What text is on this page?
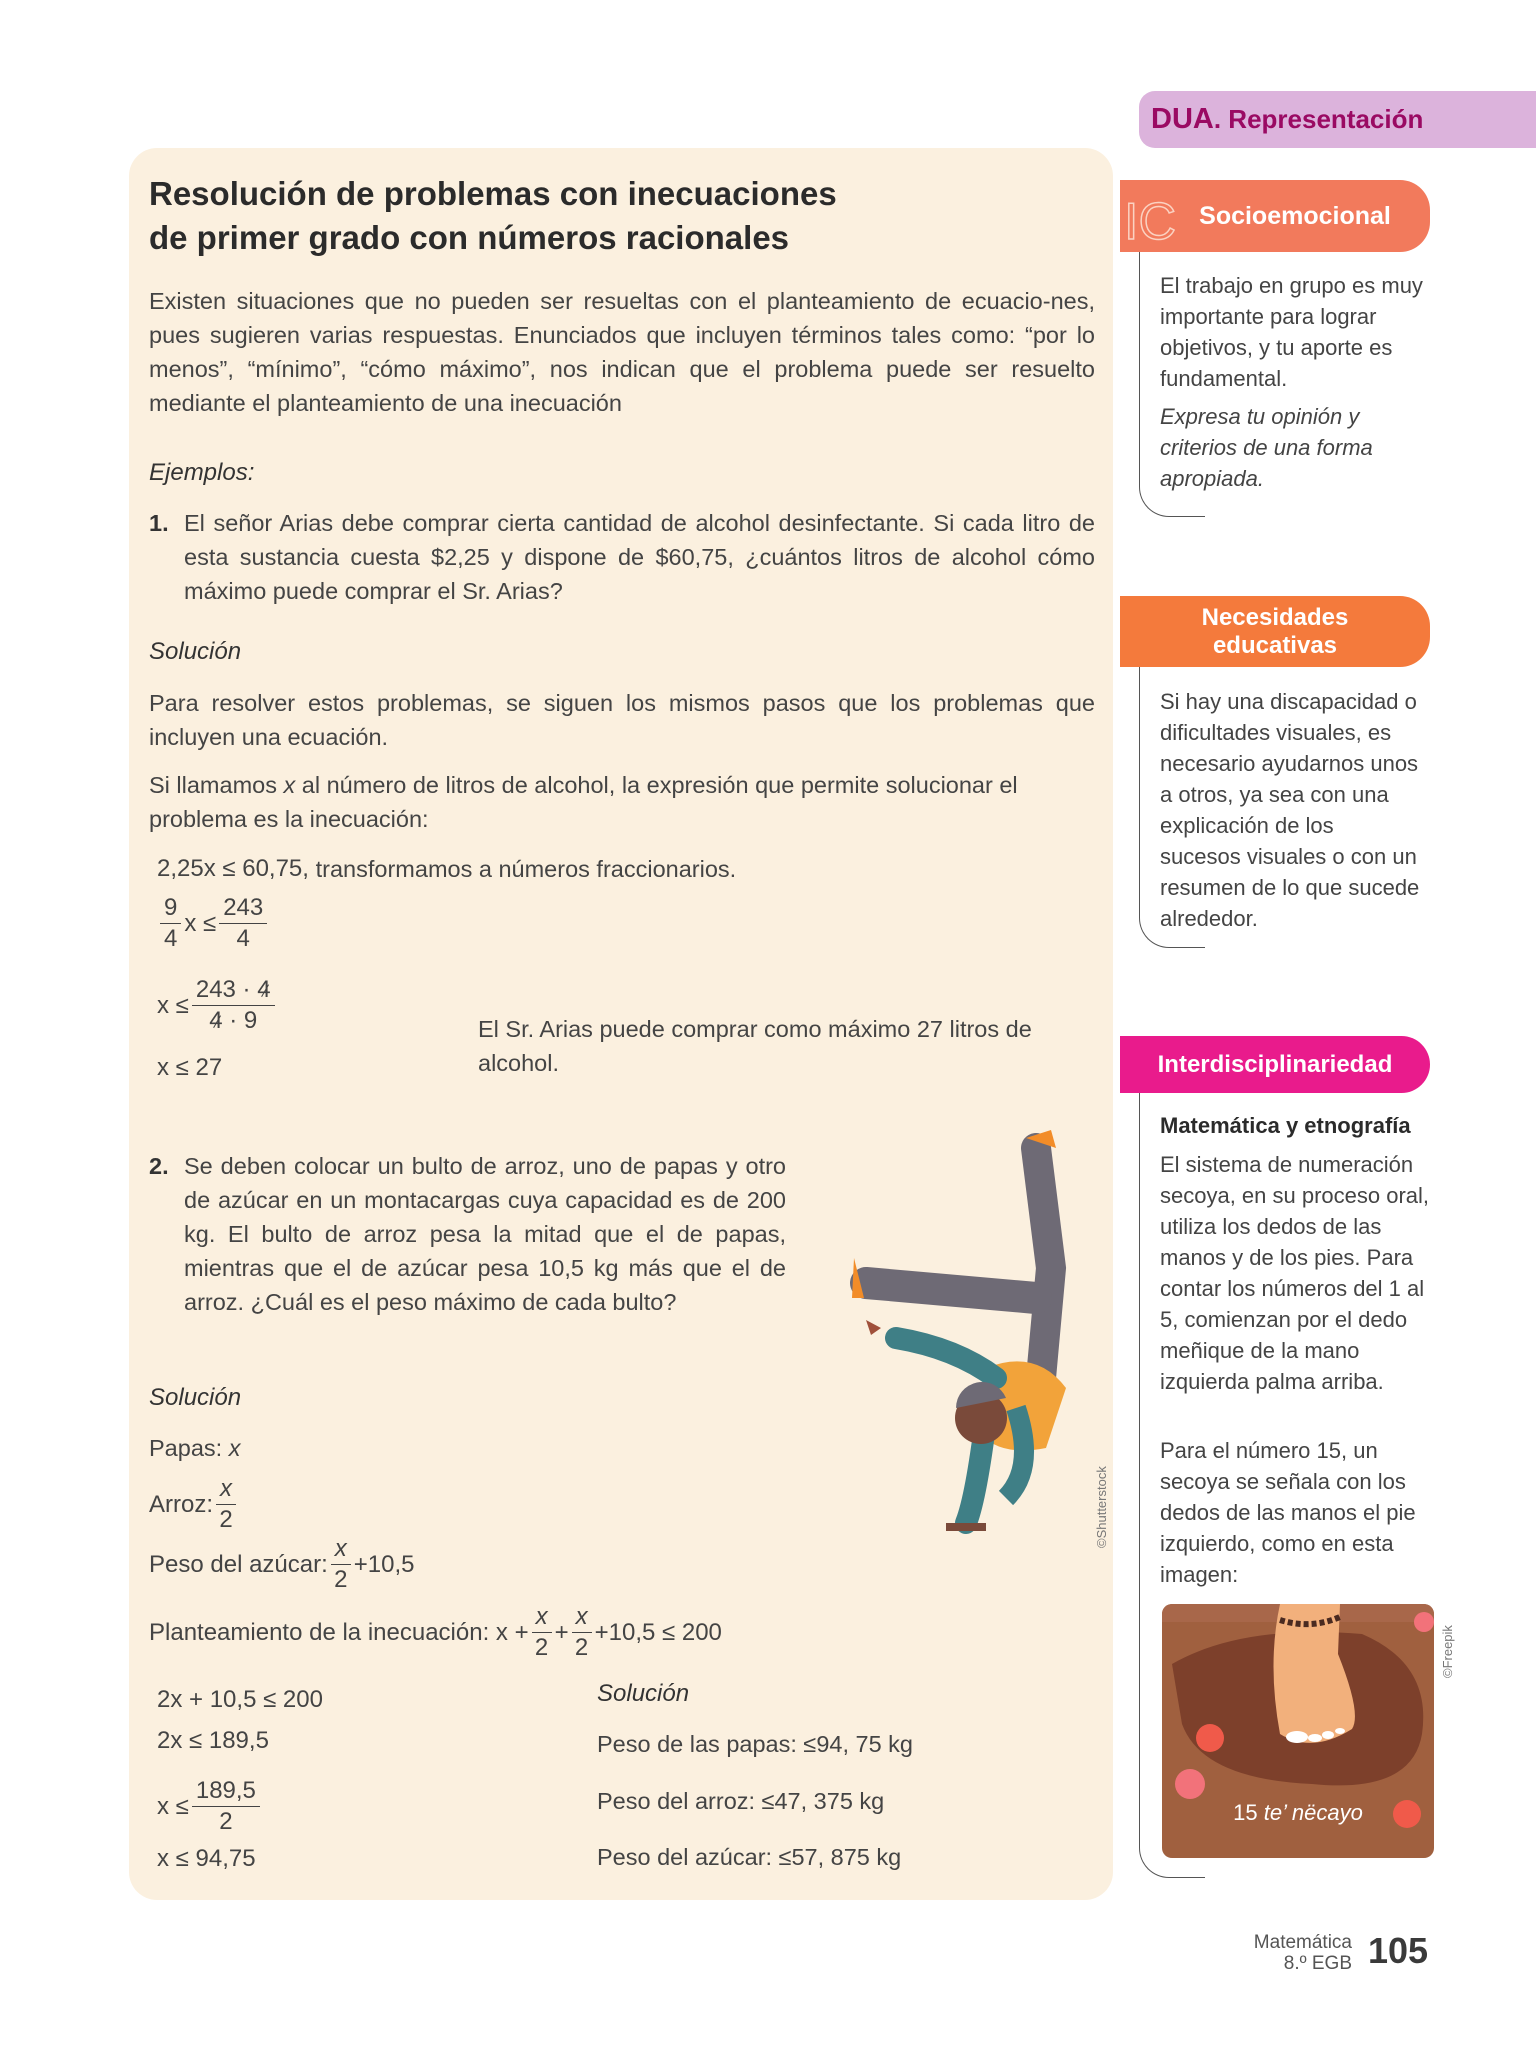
DUA. Representación
Resolución de problemas con inecuaciones
de primer grado con números racionales
Existen situaciones que no pueden ser resueltas con el planteamiento de ecuacio-nes, pues sugieren varias respuestas. Enunciados que incluyen términos tales como: “por lo menos”, “mínimo”, “cómo máximo”, nos indican que el problema puede ser resuelto mediante el planteamiento de una inecuación
Ejemplos:
1. El señor Arias debe comprar cierta cantidad de alcohol desinfectante. Si cada litro de esta sustancia cuesta $2,25 y dispone de $60,75, ¿cuántos litros de alcohol cómo máximo puede comprar el Sr. Arias?
Solución
Para resolver estos problemas, se siguen los mismos pasos que los problemas que incluyen una ecuación.
Si llamamos x al número de litros de alcohol, la expresión que permite solucionar el problema es la inecuación:
2,25x ≤ 60,75,
transformamos a números fraccionarios.
9
4
$x \le \frac{243}{4}$
$x \le \frac{243 \cdot 4}{4 \cdot 9}$
x ≤ 27
El Sr. Arias puede comprar como máximo 27 litros de alcohol.
2. Se deben colocar un bulto de arroz, uno de papas y otro de azúcar en un montacargas cuya capacidad es de 200 kg. El bulto de arroz pesa la mitad que el de papas, mientras que el de azúcar pesa 10,5 kg más que el de arroz. ¿Cuál es el peso máximo de cada bulto?
©Shutterstock
Solución
Papas: x
Arroz:
x
2
Peso del azúcar:
x
2
+10,5
Planteamiento de la inecuación:
$x + \frac{x}{2} + \frac{x}{2} +10,5 \le 200$
2x + 10,5 ≤ 200
2x ≤ 189,5
$x \le \frac{189,5}{2}$
x ≤ 94,75
Solución
Peso de las papas: ≤94, 75 kg
Peso del arroz: ≤47, 375 kg
Peso del azúcar: ≤57, 875 kg
IC Socioemocional
El trabajo en grupo es muy importante para lograr objetivos, y tu aporte es fundamental.
Expresa tu opinión y criterios de una forma apropiada.
Necesidades educativas
Si hay una discapacidad o dificultades visuales, es necesario ayudarnos unos a otros, ya sea con una explicación de los sucesos visuales o con un resumen de lo que sucede alrededor.
Interdisciplinariedad
Matemática y etnografía
El sistema de numeración secoya, en su proceso oral, utiliza los dedos de las manos y de los pies. Para contar los números del 1 al 5, comienzan por el dedo meñique de la mano izquierda palma arriba.
Para el número 15, un secoya se señala con los dedos de las manos el pie izquierdo, como en esta imagen:
15 te’ nëcayo
©Freepik
Matemática
8.º EGB 105
